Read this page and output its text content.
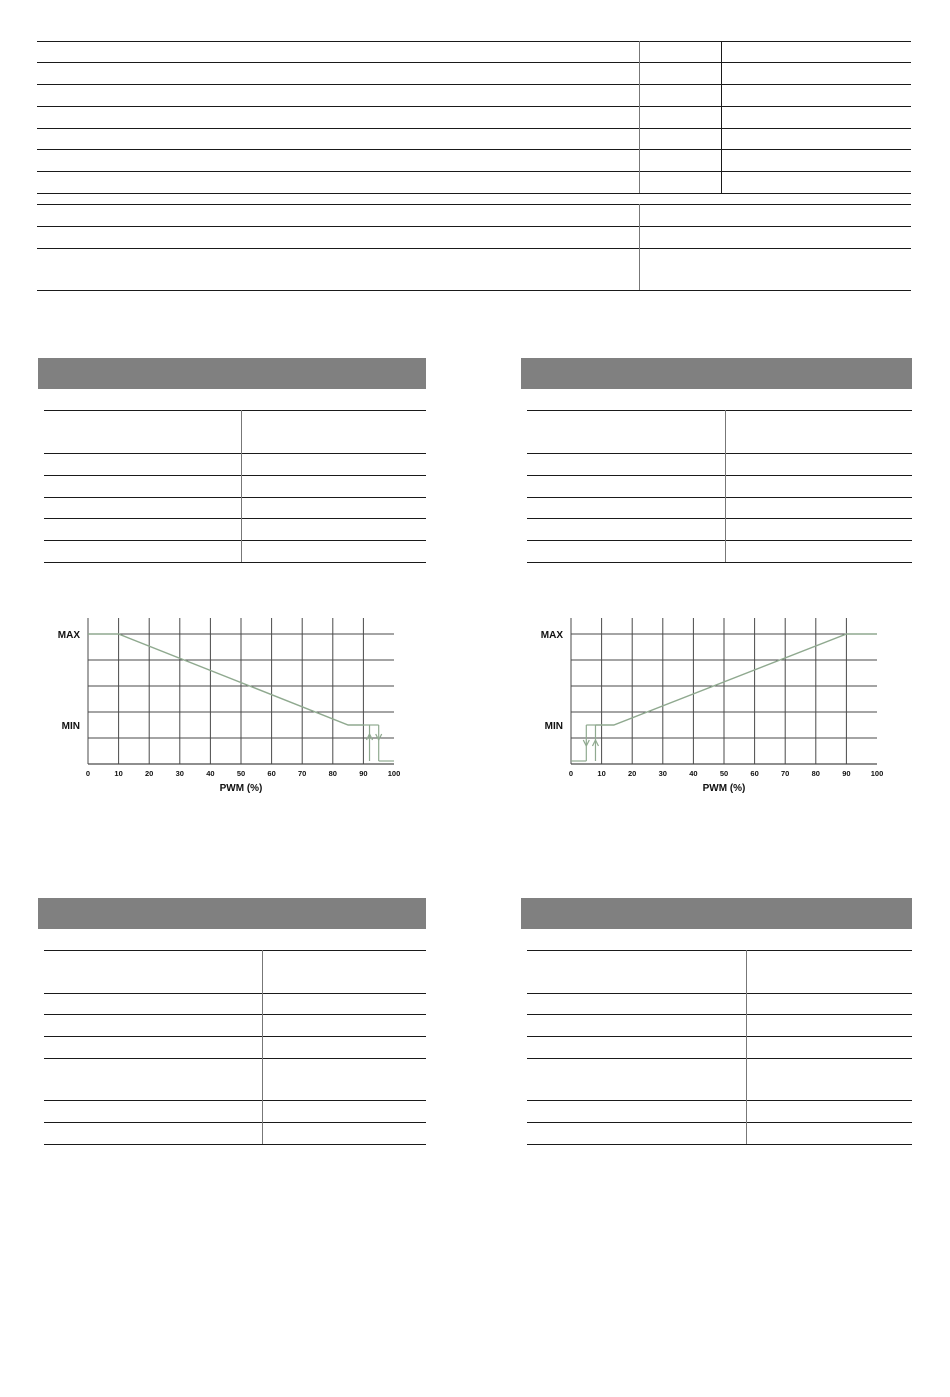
0	10	20	30	40	50	60	70	80	90	100
MAX
MIN
PWM (%)
0	10	20	30	40	50	60	70	80	90	100
MAX
MIN
PWM (%)
